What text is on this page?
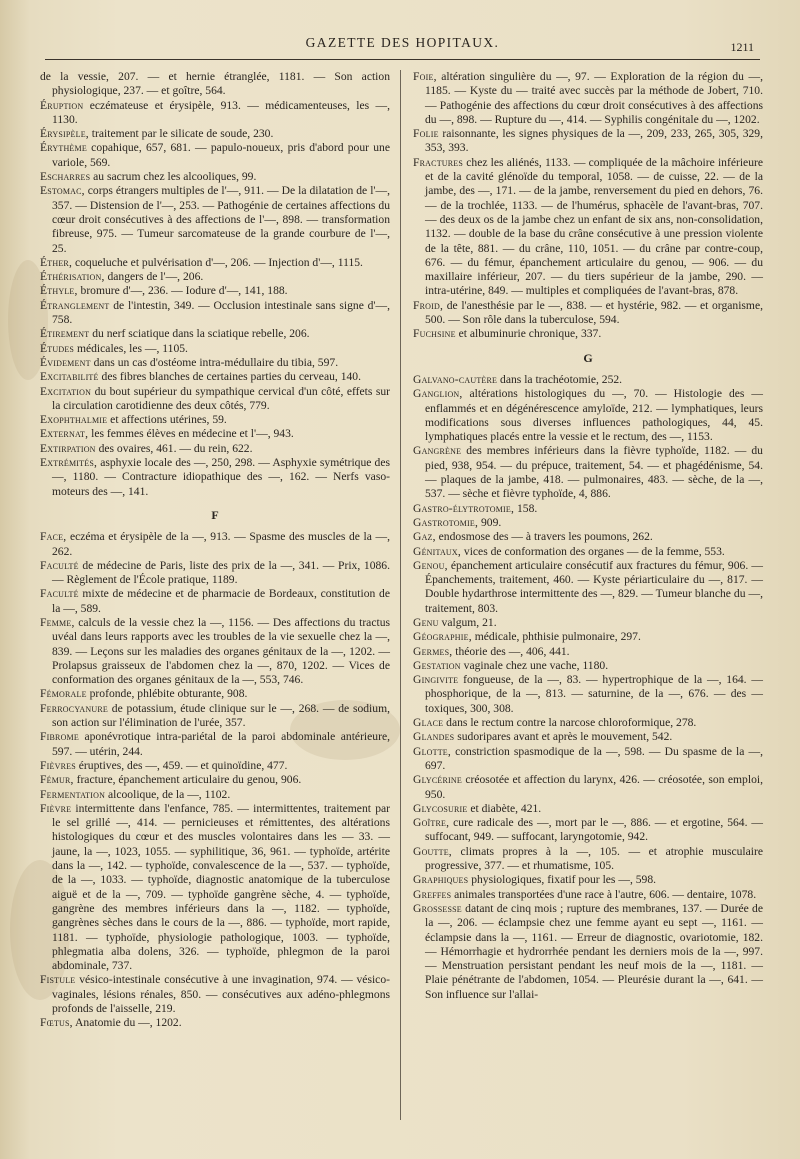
GAZETTE DES HOPITAUX.	1211

de la vessie, 207. — et hernie étranglée, 1181. — Son action physiologique, 237. — et goître, 564.

Éruption eczémateuse et érysipèle, 913. — médicamenteuses, les —, 1130.

Érysipèle, traitement par le silicate de soude, 230.

Érythème copahique, 657, 681. — papulo-noueux, pris d'abord pour une variole, 569.

Escharres au sacrum chez les alcooliques, 99.

Estomac, corps étrangers multiples de l'—, 911. — De la dilatation de l'—, 357. — Distension de l'—, 253. — Pathogénie de certaines affections du cœur droit consécutives à des affections de l'—, 898. — transformation fibreuse, 975. — Tumeur sarcomateuse de la grande courbure de l'—, 25.

Éther, coqueluche et pulvérisation d'—, 206. — Injection d'—, 1115.

Éthérisation, dangers de l'—, 206.

Éthyle, bromure d'—, 236. — Iodure d'—, 141, 188.

Étranglement de l'intestin, 349. — Occlusion intestinale sans signe d'—, 758.

Étirement du nerf sciatique dans la sciatique rebelle, 206.

Études médicales, les —, 1105.

Évidement dans un cas d'ostéome intra-médullaire du tibia, 597.

Excitabilité des fibres blanches de certaines parties du cerveau, 140.

Excitation du bout supérieur du sympathique cervical d'un côté, effets sur la circulation carotidienne des deux côtés, 779.

Exophthalmie et affections utérines, 59.

Externat, les femmes élèves en médecine et l'—, 943.

Extirpation des ovaires, 461. — du rein, 622.

Extrémités, asphyxie locale des —, 250, 298. — Asphyxie symétrique des —, 1180. — Contracture idiopathique des —, 162. — Nerfs vaso-moteurs des —, 141.

F

Face, eczéma et érysipèle de la —, 913. — Spasme des muscles de la —, 262.

Faculté de médecine de Paris, liste des prix de la —, 341. — Prix, 1086. — Règlement de l'École pratique, 1189.

Faculté mixte de médecine et de pharmacie de Bordeaux, constitution de la —, 589.

Femme, calculs de la vessie chez la —, 1156. — Des affections du tractus uvéal dans leurs rapports avec les troubles de la vie sexuelle chez la —, 839. — Leçons sur les maladies des organes génitaux de la —, 1202. — Prolapsus graisseux de l'abdomen chez la —, 870, 1202. — Vices de conformation des organes génitaux de la —, 553, 746.

Fémorale profonde, phlébite obturante, 908.

Ferrocyanure de potassium, étude clinique sur le —, 268. — de sodium, son action sur l'élimination de l'urée, 357.

Fibrome aponévrotique intra-pariétal de la paroi abdominale antérieure, 597. — utérin, 244.

Fièvres éruptives, des —, 459. — et quinoïdine, 477.

Fémur, fracture, épanchement articulaire du genou, 906.

Fermentation alcoolique, de la —, 1102.

Fièvre intermittente dans l'enfance, 785. — intermittentes, traitement par le sel grillé —, 414. — pernicieuses et rémittentes, des altérations histologiques du cœur et des muscles volontaires dans les — 33. — jaune, la —, 1023, 1055. — syphilitique, 36, 961. — typhoïde, artérite dans la —, 142. — typhoïde, convalescence de la —, 537. — typhoïde, de la —, 1033. — typhoïde, diagnostic anatomique de la tuberculose aiguë et de la —, 709. — typhoïde gangrène sèche, 4. — typhoïde, gangrène des membres inférieurs dans la —, 1182. — typhoïde, gangrènes sèches dans le cours de la —, 886. — typhoïde, mort rapide, 1181. — typhoïde, physiologie pathologique, 1003. — typhoïde, phlegmatia alba dolens, 326. — typhoïde, phlegmon de la paroi abdominale, 737.

Fistule vésico-intestinale consécutive à une invagination, 974. — vésico-vaginales, lésions rénales, 850. — consécutives aux adéno-phlegmons profonds de l'aisselle, 219.

Fœtus, Anatomie du —, 1202.

Foie, altération singulière du —, 97. — Exploration de la région du —, 1185. — Kyste du — traité avec succès par la méthode de Jobert, 710. — Pathogénie des affections du cœur droit consécutives à des affections du —, 898. — Rupture du —, 414. — Syphilis congénitale du —, 1202.

Folie raisonnante, les signes physiques de la —, 209, 233, 265, 305, 329, 353, 393.

Fractures chez les aliénés, 1133. — compliquée de la mâchoire inférieure et de la cavité glénoïde du temporal, 1058. — de cuisse, 22. — de la jambe, des —, 171. — de la jambe, renversement du pied en dehors, 76. — de la trochlée, 1133. — de l'humérus, sphacèle de l'avant-bras, 707. — des deux os de la jambe chez un enfant de six ans, non-consolidation, 1132. — double de la base du crâne consécutive à une pression violente de la tête, 881. — du crâne, 110, 1051. — du crâne par contre-coup, 676. — du fémur, épanchement articulaire du genou, — 906. — du maxillaire inférieur, 207. — du tiers supérieur de la jambe, 290. — intra-utérine, 849. — multiples et compliquées de l'avant-bras, 878.

Froid, de l'anesthésie par le —, 838. — et hystérie, 982. — et organisme, 500. — Son rôle dans la tuberculose, 594.

Fuchsine et albuminurie chronique, 337.

G

Galvano-cautère dans la trachéotomie, 252.

Ganglion, altérations histologiques du —, 70. — Histologie des — enflammés et en dégénérescence amyloïde, 212. — lymphatiques, leurs modifications sous diverses influences pathologiques, 44, 45. lymphatiques placés entre la vessie et le rectum, des —, 1153.

Gangrène des membres inférieurs dans la fièvre typhoïde, 1182. — du pied, 938, 954. — du prépuce, traitement, 54. — et phagédénisme, 54. — plaques de la jambe, 418. — pulmonaires, 483. — sèche, de la —, 537. — sèche et fièvre typhoïde, 4, 886.

Gastro-élytrotomie, 158.

Gastrotomie, 909.

Gaz, endosmose des — à travers les poumons, 262.

Génitaux, vices de conformation des organes — de la femme, 553.

Genou, épanchement articulaire consécutif aux fractures du fémur, 906. — Épanchements, traitement, 460. — Kyste périarticulaire du —, 817. — Double hydarthrose intermittente des —, 829. — Tumeur blanche du —, traitement, 803.

Genu valgum, 21.

Géographie, médicale, phthisie pulmonaire, 297.

Germes, théorie des —, 406, 441.

Gestation vaginale chez une vache, 1180.

Gingivite fongueuse, de la —, 83. — hypertrophique de la —, 164. — phosphorique, de la —, 813. — saturnine, de la —, 676. — des — toxiques, 300, 308.

Glace dans le rectum contre la narcose chloroformique, 278.

Glandes sudoripares avant et après le mouvement, 542.

Glotte, constriction spasmodique de la —, 598. — Du spasme de la —, 697.

Glycérine créosotée et affection du larynx, 426. — créosotée, son emploi, 950.

Glycosurie et diabète, 421.

Goître, cure radicale des —, mort par le —, 886. — et ergotine, 564. — suffocant, 949. — suffocant, laryngotomie, 942.

Goutte, climats propres à la —, 105. — et atrophie musculaire progressive, 377. — et rhumatisme, 105.

Graphiques physiologiques, fixatif pour les —, 598.

Greffes animales transportées d'une race à l'autre, 606. — dentaire, 1078.

Grossesse datant de cinq mois ; rupture des membranes, 137. — Durée de la —, 206. — éclampsie chez une femme ayant eu sept —, 1161. — éclampsie dans la —, 1161. — Erreur de diagnostic, ovariotomie, 182. — Hémorrhagie et hydrorrhée pendant les derniers mois de la —, 997. — Menstruation persistant pendant les neuf mois de la —, 1181. — Plaie pénétrante de l'abdomen, 1054. — Pleurésie durant la —, 641. — Son influence sur l'allai-
